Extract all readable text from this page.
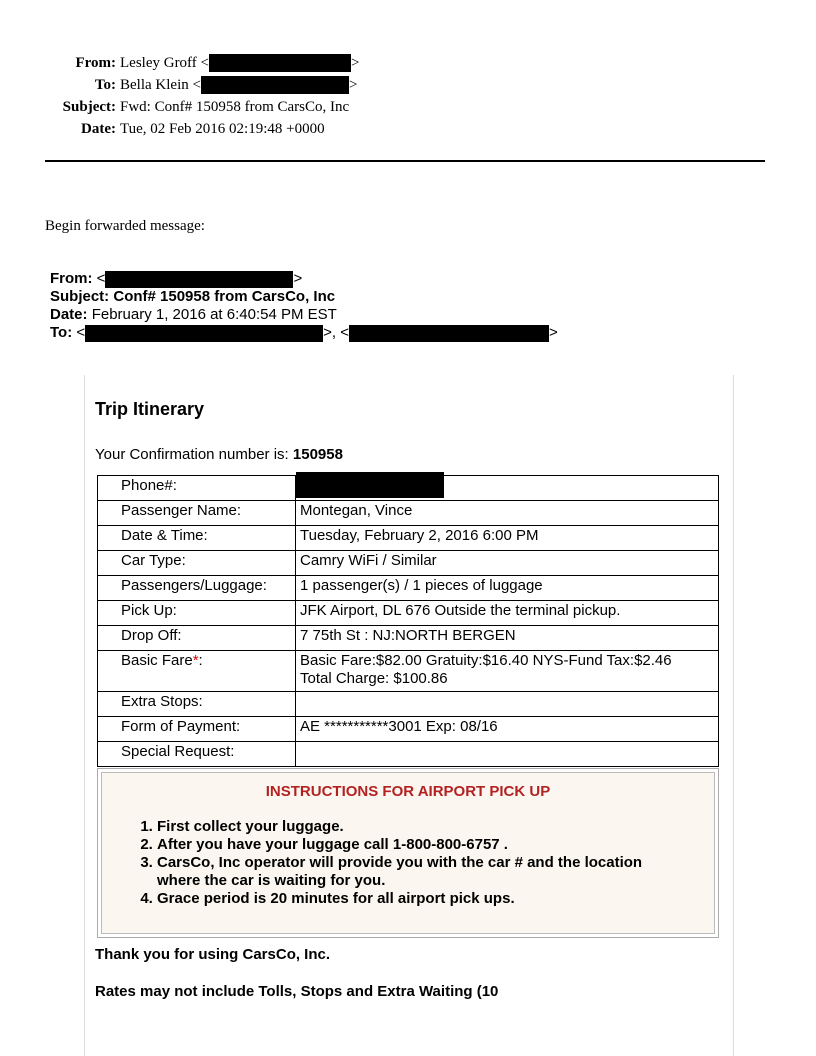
From: Lesley Groff <	>
To: Bella Klein <	>
Subject: Fwd: Conf# 150958 from CarsCo, Inc
Date: Tue, 02 Feb 2016 02:19:48 +0000
Begin forwarded message:
From: <	>
Subject: Conf# 150958 from CarsCo, Inc
Date: February 1, 2016 at 6:40:54 PM EST
To: <	>, <	>
Trip Itinerary
Your Confirmation number is: 150958
Phone#:	

Passenger Name:	Montegan, Vince
Date & Time:	Tuesday, February 2, 2016 6:00 PM
Car Type:	Camry WiFi / Similar
Passengers/Luggage:	1 passenger(s) / 1 pieces of luggage
Pick Up:	JFK Airport, DL 676 Outside the terminal pickup.
Drop Off:	7 75th St : NJ:NORTH BERGEN
Basic Fare*:	Basic Fare:$82.00 Gratuity:$16.40 NYS-Fund Tax:$2.46
Total Charge: $100.86

Extra Stops:	
Form of Payment:	AE ***********3001 Exp: 08/16
Special Request:	
INSTRUCTIONS FOR AIRPORT PICK UP
1. First collect your luggage.
2. After you have your luggage call 1-800-800-6757 .
3. CarsCo, Inc operator will provide you with the car # and the location where the car is waiting for you.
4. Grace period is 20 minutes for all airport pick ups.
Thank you for using CarsCo, Inc.
Rates may not include Tolls, Stops and Extra Waiting (10
